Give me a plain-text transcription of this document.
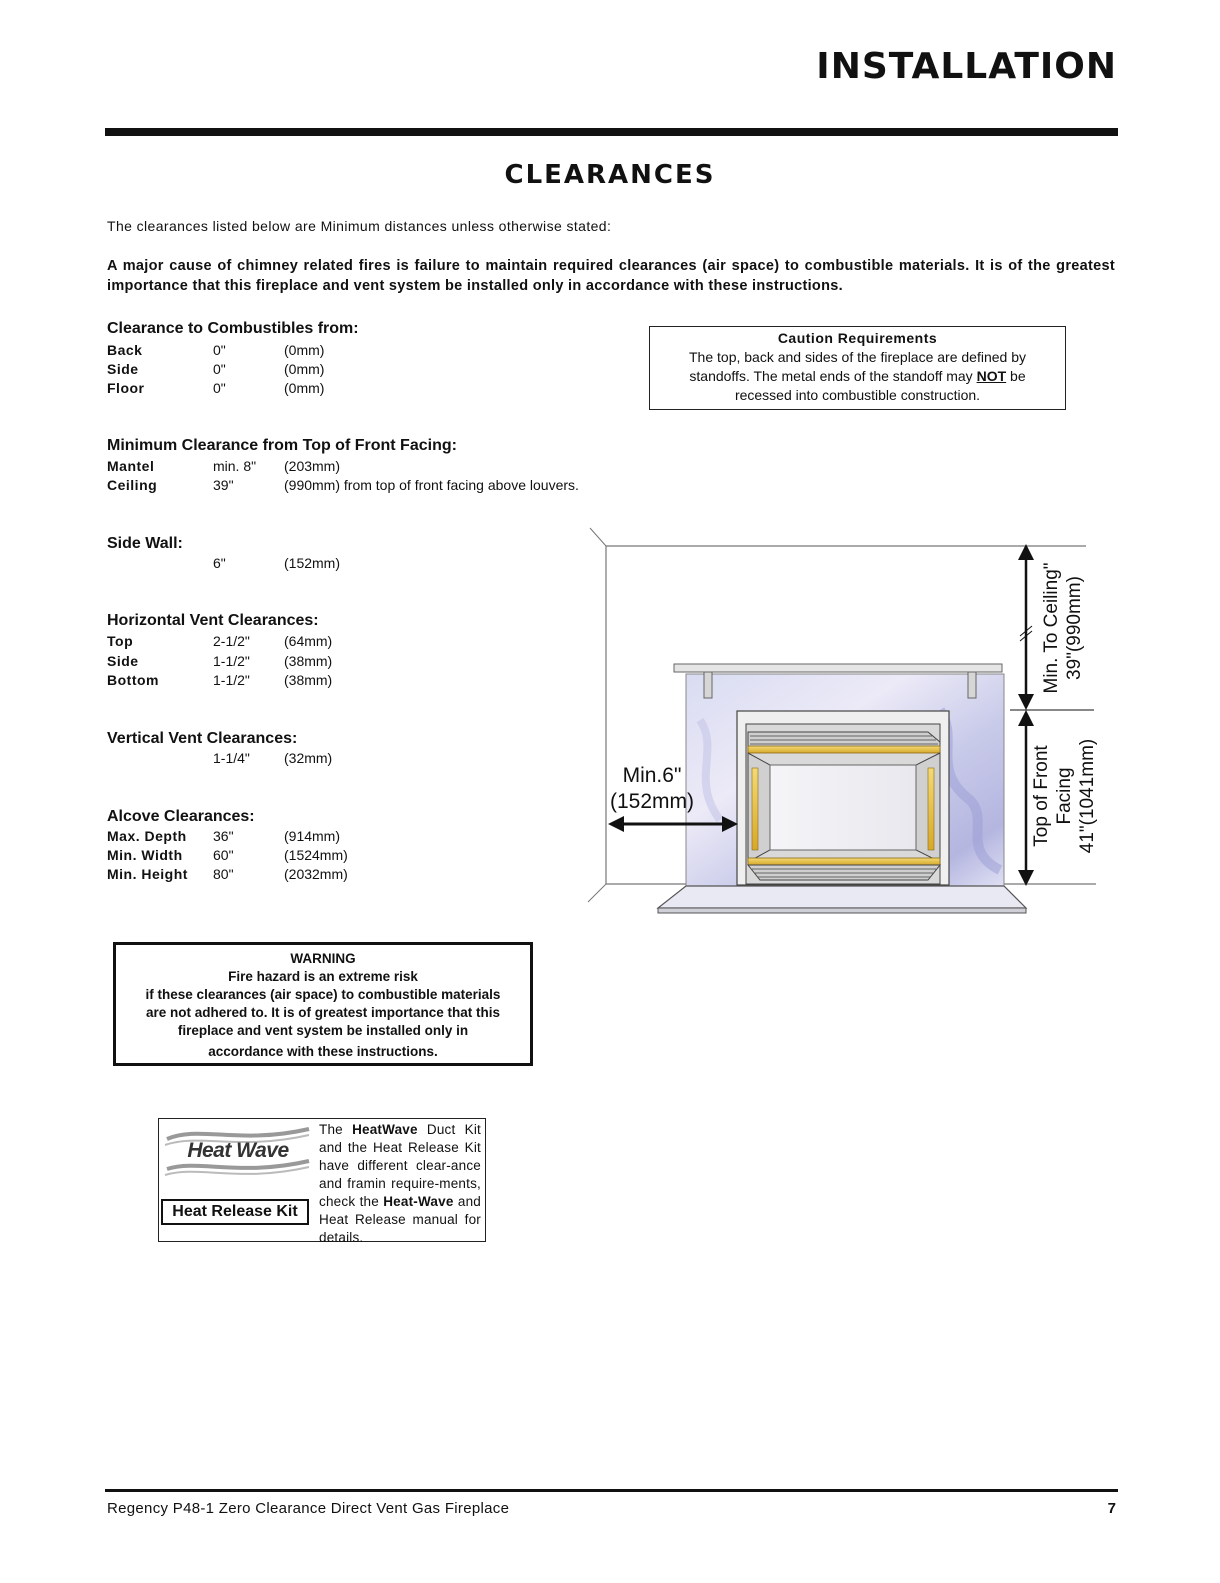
INSTALLATION
CLEARANCES
The clearances listed below are Minimum distances unless otherwise stated:
A major cause of chimney related fires is failure to maintain required clearances (air space) to combustible materials. It is of the greatest importance that this fireplace and vent system be installed only in accordance with these instructions.
Clearance to Combustibles from:
Back	0"	(0mm)
Side	0"	(0mm)
Floor	0"	(0mm)
Caution Requirements
The top, back and sides of the fireplace are defined by
standoffs. The metal ends of the standoff may NOT be
recessed into combustible construction.
Minimum Clearance from Top of Front Facing:
Mantel	min. 8" (203mm)
Ceiling	39"	(990mm) from top of front facing above louvers.
Side Wall:
6"	(152mm)
Horizontal Vent Clearances:
Top	2-1/2" (64mm)
Side	1-1/2" (38mm)
Bottom	1-1/2" (38mm)
Vertical Vent Clearances:
1-1/4" (32mm)
Alcove Clearances:
Max. Depth 36"	(914mm)
Min. Width 60"	(1524mm)
Min. Height 80"	(2032mm)
Min.6"
(152mm)
Min. To Ceiling" 39"(990mm)
Top of Front Facing 41"(1041mm)
WARNING
Fire hazard is an extreme risk
if these clearances (air space) to combustible materials
are not adhered to. It is of greatest importance that this
fireplace and vent system be installed only in
accordance with these instructions.
Heat Wave
Heat Release Kit
The HeatWave Duct Kit and the Heat Release Kit have different clear-ance and framin require-ments, check the Heat-Wave and Heat Release manual for details.
Regency P48-1 Zero Clearance Direct Vent Gas Fireplace	7
